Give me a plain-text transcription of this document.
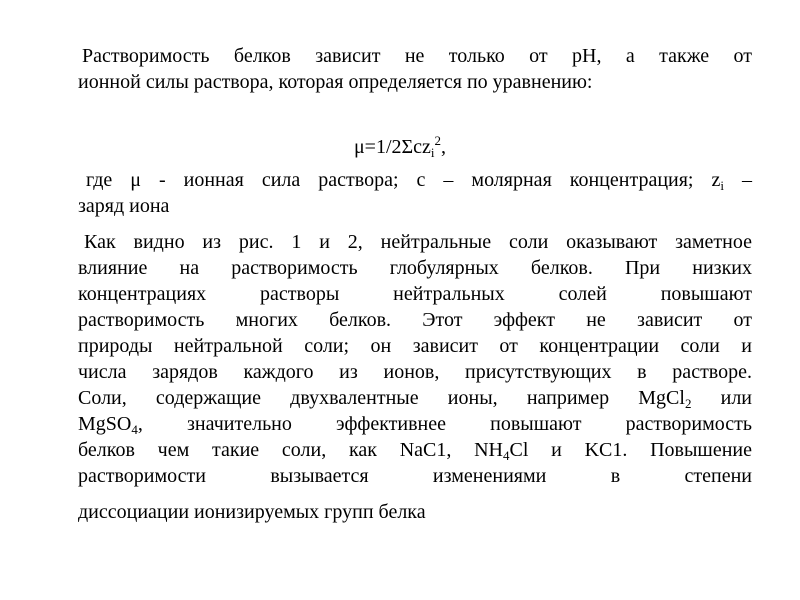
Растворимость белков зависит не только от pH, а также от
ионной силы раствора, которая определяется по уравнению:

μ=1/2Σcz$_i^2$,

где μ - ионная сила раствора; c – молярная концентрация; $z_i$ –
заряд иона

Как видно из рис. 1 и 2, нейтральные соли оказывают заметное
влияние на растворимость глобулярных белков. При низких
концентрациях растворы нейтральных солей повышают
растворимость многих белков. Этот эффект не зависит от
природы нейтральной соли; он зависит от концентрации соли и
числа зарядов каждого из ионов, присутствующих в растворе.
Соли, содержащие двухвалентные ионы, например MgCl$_2$ или
MgSO$_4$, значительно эффективнее повышают растворимость
белков чем такие соли, как NaC1, $NH_4Cl$ и KC1. Повышение
растворимости вызывается изменениями в степени
диссоциации ионизируемых групп белка
